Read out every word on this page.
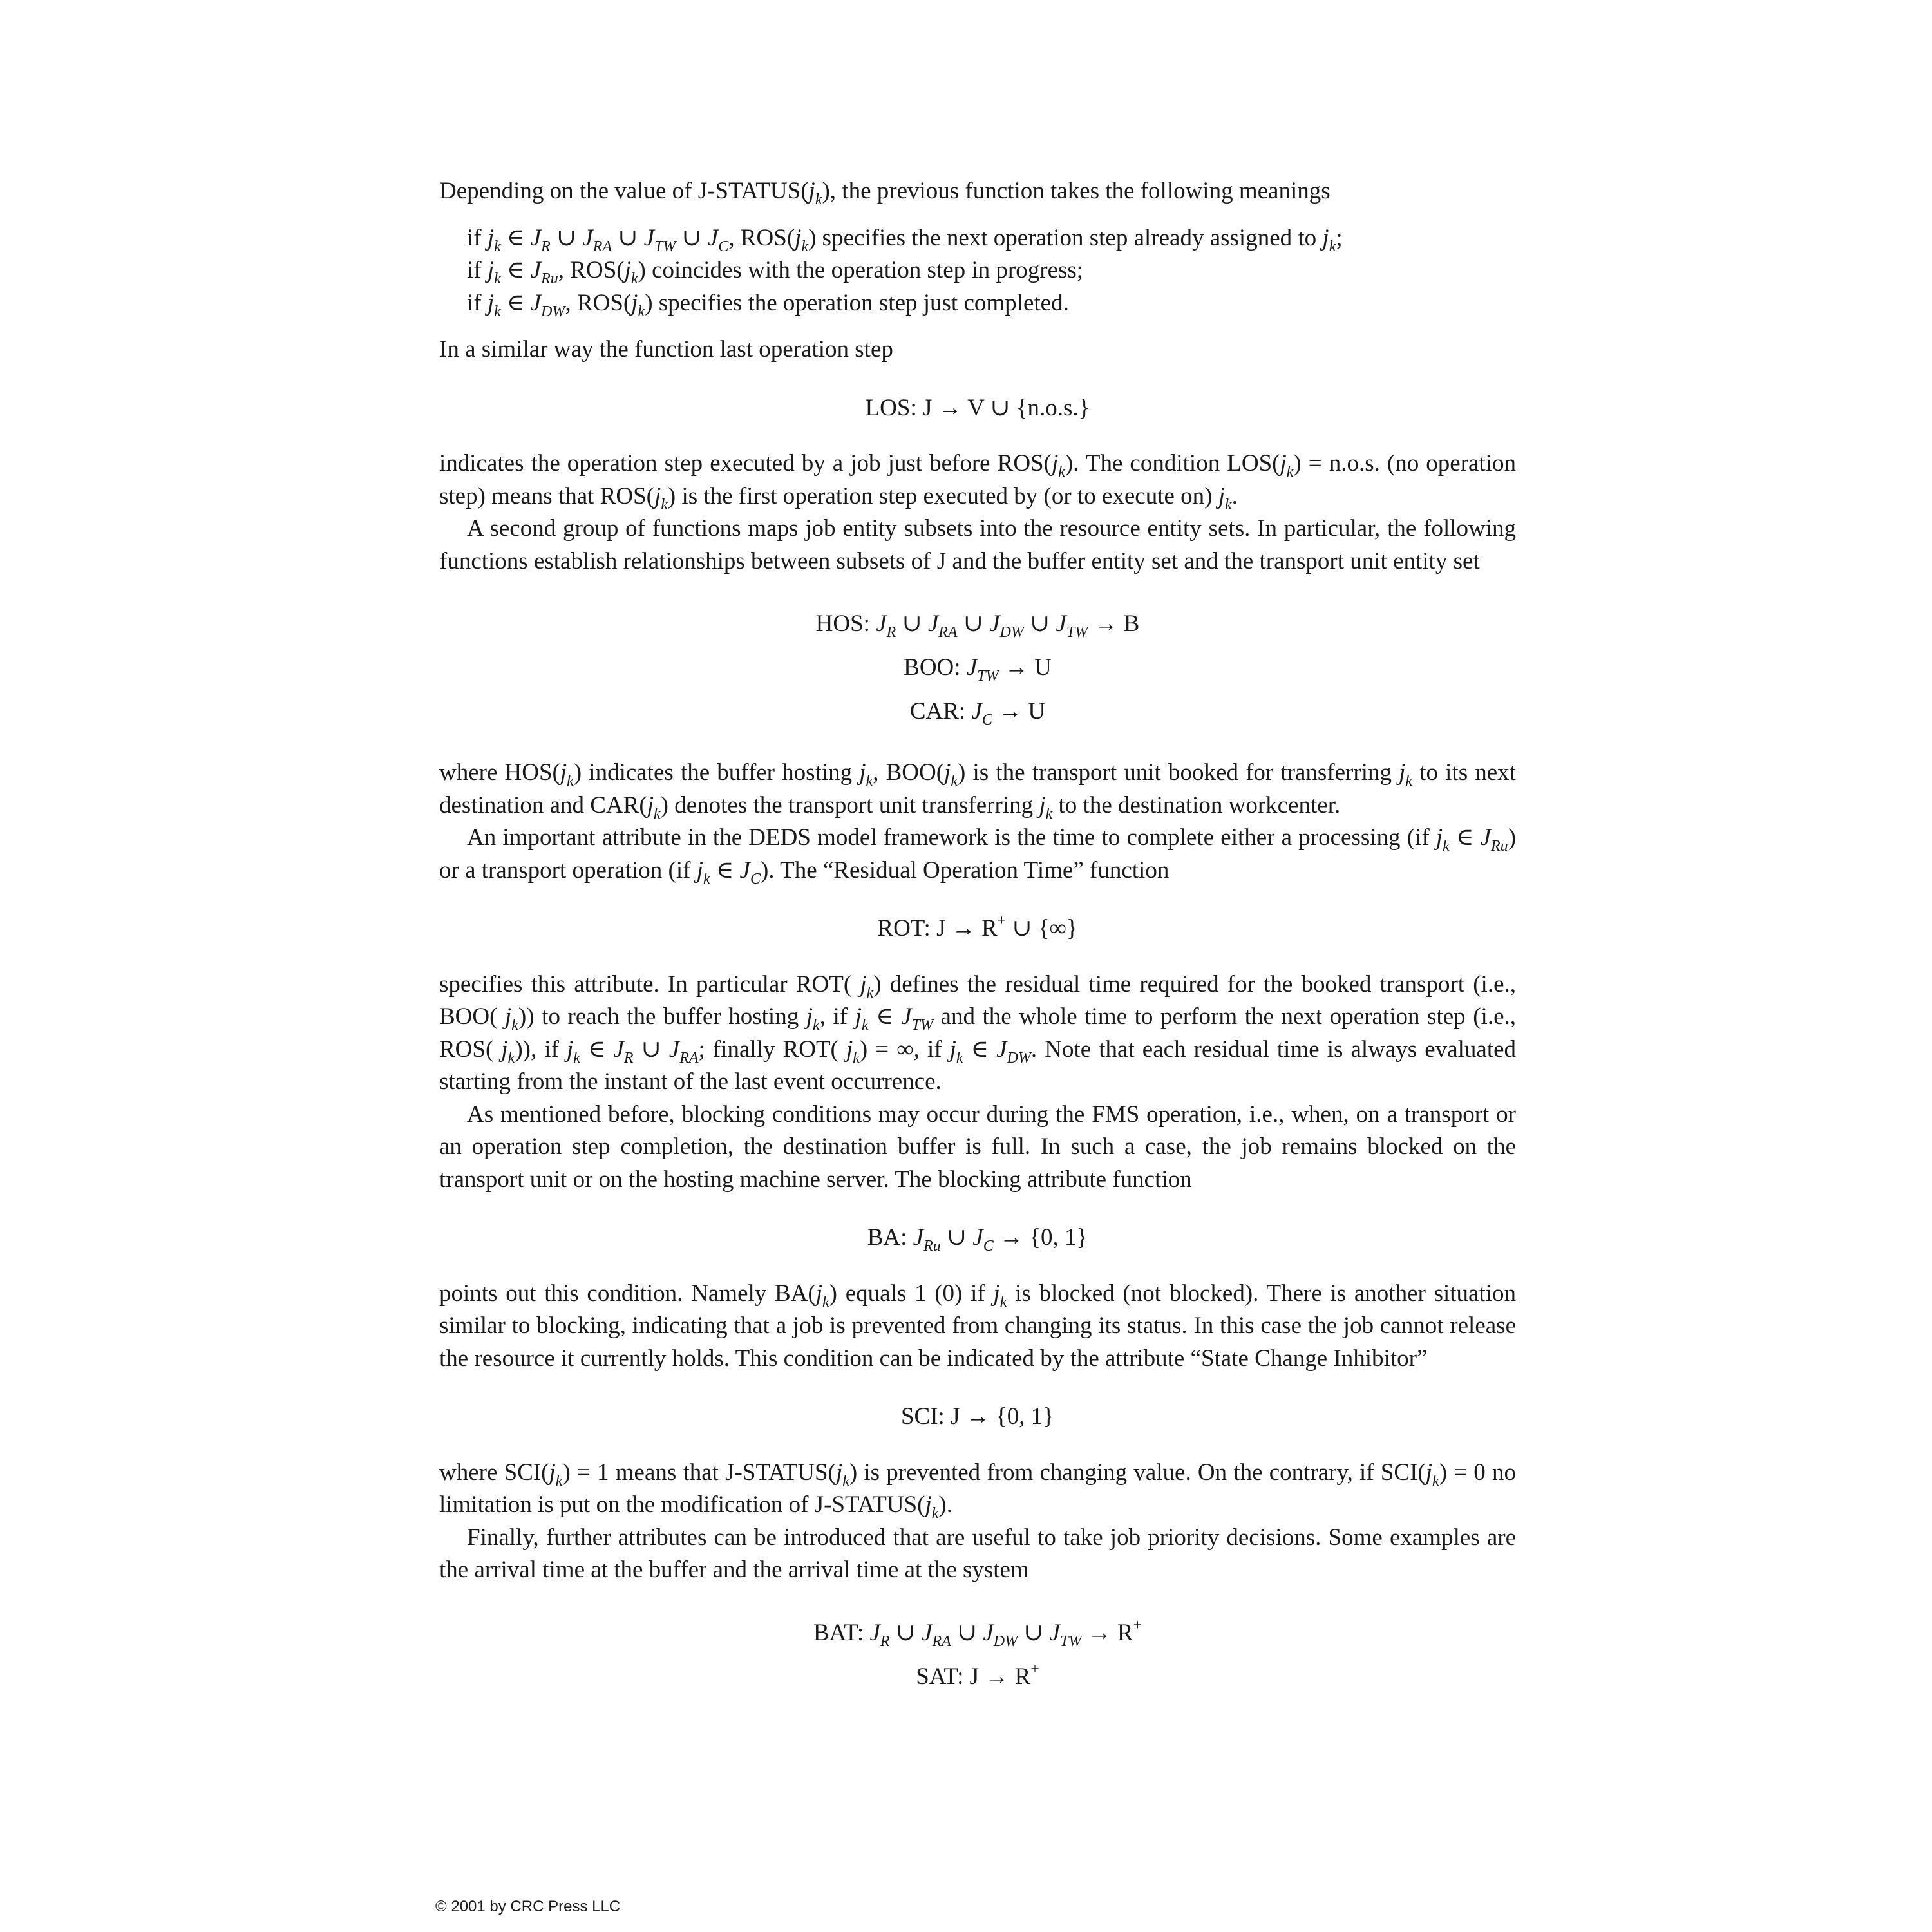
Depending on the value of $J-STATUS(j_k)$, the previous function takes the following meanings

if $j_k$ ∈ $J_R$ ∪ $J_{RA}$ ∪ $J_{TW}$ ∪ $J_C$, $ROS(j_k)$ specifies the next operation step already assigned to $j_k$;
if $j_k$ ∈ $J_{Ru}$, $ROS(j_k)$ coincides with the operation step in progress;
if $j_k$ ∈ $J_{DW}$, $ROS(j_k)$ specifies the operation step just completed.

In a similar way the function last operation step

LOS: J → V ∪ {n.o.s.}

indicates the operation step executed by a job just before $ROS(j_k)$. The condition $LOS(j_k) = n.o.s$. (no operation step) means that $ROS(j_k)$ is the first operation step executed by (or to execute on) $j_k$.

A second group of functions maps job entity subsets into the resource entity sets. In particular, the following functions establish relationships between subsets of J and the buffer entity set and the transport unit entity set

HOS: $J_R$ ∪ $J_{RA}$ ∪ $J_{DW}$ ∪ $J_{TW} \to B$
BOO: $J_{TW} \to U$
CAR: $J_C \to U$

where $HOS(j_k)$ indicates the buffer hosting $j_k$, $BOO(j_k)$ is the transport unit booked for transferring $j_k$ to its next destination and $CAR(j_k)$ denotes the transport unit transferring $j_k$ to the destination workcenter.

An important attribute in the DEDS model framework is the time to complete either a processing (if $j_k$ ∈ $J_{Ru}$) or a transport operation (if $j_k$ ∈ $J_C$). The “Residual Operation Time” function

ROT: J → R+ ∪ {∞}

specifies this attribute. In particular ROT( $j_k$) defines the residual time required for the booked transport (i.e., BOO( $j_k$)) to reach the buffer hosting $j_k$, if $j_k$ ∈ $J_{TW}$ and the whole time to perform the next operation step (i.e., ROS( $j_k$)), if $j_k$ ∈ $J_R$ ∪ $J_{RA}$; finally ROT( $j_k$) = ∞, if $j_k$ ∈ $J_{DW}$. Note that each residual time is always evaluated starting from the instant of the last event occurrence.

As mentioned before, blocking conditions may occur during the FMS operation, i.e., when, on a transport or an operation step completion, the destination buffer is full. In such a case, the job remains blocked on the transport unit or on the hosting machine server. The blocking attribute function

BA: $J_{Ru}$ ∪ $J_C \to \{0$, 1}

points out this condition. Namely $BA(j_k)$ equals 1 (0) if $j_k$ is blocked (not blocked). There is another situation similar to blocking, indicating that a job is prevented from changing its status. In this case the job cannot release the resource it currently holds. This condition can be indicated by the attribute “State Change Inhibitor”

SCI: J → {0, 1}

where $SCI(j_k) = 1$ means that $J-STATUS(j_k)$ is prevented from changing value. On the contrary, if $SCI(j_k) = 0$ no limitation is put on the modification of $J-STATUS(j_k)$.

Finally, further attributes can be introduced that are useful to take job priority decisions. Some examples are the arrival time at the buffer and the arrival time at the system

BAT: $J_R$ ∪ $J_{RA}$ ∪ $J_{DW}$ ∪ $J_{TW} \to R^+$
SAT: J → R+
© 2001 by CRC Press LLC
